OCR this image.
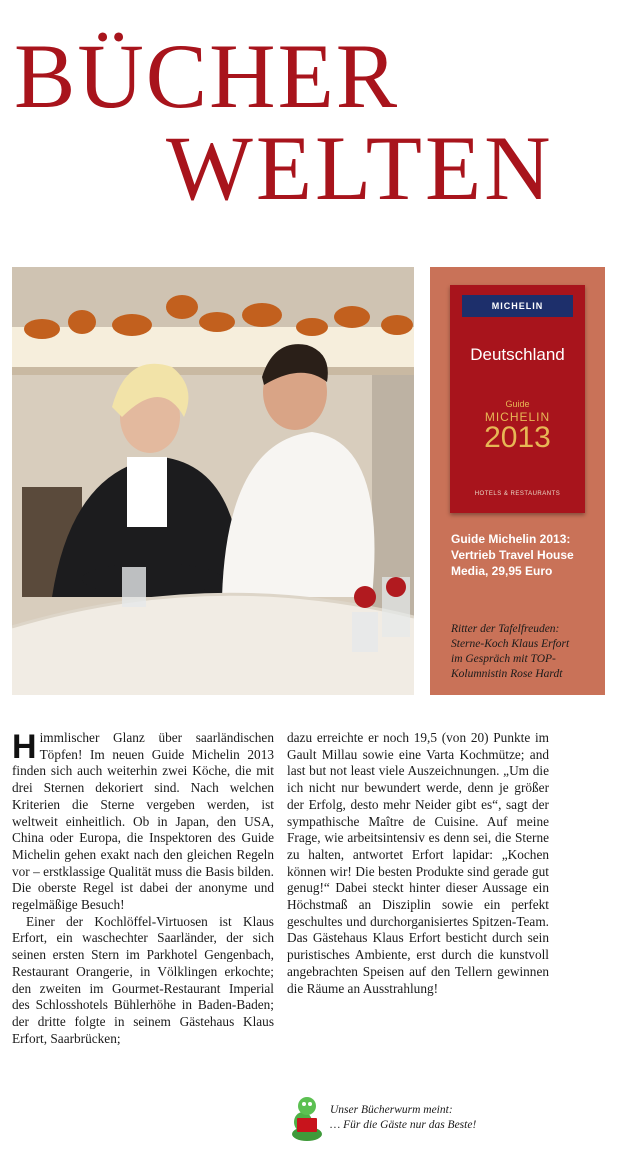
BÜCHER
WELTEN
MICHELIN
Deutschland
Guide
MICHELIN
2013
HOTELS & RESTAURANTS
Guide Michelin 2013:
Vertrieb Travel House
Media, 29,95 Euro
Ritter der Tafelfreuden:
Sterne-Koch Klaus Erfort
im Gespräch mit TOP-
Kolumnistin Rose Hardt

Himmlischer Glanz über saarländischen Töpfen! Im neuen Guide Michelin 2013 finden sich auch weiterhin zwei Köche, die mit drei Sternen dekoriert sind. Nach welchen Kriterien die Sterne vergeben werden, ist weltweit einheitlich. Ob in Japan, den USA, China oder Europa, die Inspektoren des Guide Michelin gehen exakt nach den gleichen Regeln vor – erstklassige Qualität muss die Basis bilden. Die oberste Regel ist dabei der anonyme und regelmäßige Besuch!

Einer der Kochlöffel-Virtuosen ist Klaus Erfort, ein waschechter Saarländer, der sich seinen ersten Stern im Parkhotel Gengenbach, Restaurant Orangerie, in Völklingen erkochte; den zweiten im Gourmet-Restaurant Imperial des Schlosshotels Bühlerhöhe in Baden-Baden; der dritte folgte in seinem Gästehaus Klaus Erfort, Saarbrücken;

dazu erreichte er noch 19,5 (von 20) Punkte im Gault Millau sowie eine Varta Kochmütze; and last but not least viele Auszeichnungen. „Um die ich nicht nur bewundert werde, denn je größer der Erfolg, desto mehr Neider gibt es“, sagt der sympathische Maître de Cuisine. Auf meine Frage, wie arbeitsintensiv es denn sei, die Sterne zu halten, antwortet Erfort lapidar: „Kochen können wir! Die besten Produkte sind gerade gut genug!“ Dabei steckt hinter dieser Aussage ein Höchstmaß an Disziplin sowie ein perfekt geschultes und durchorganisiertes Spitzen-Team. Das Gästehaus Klaus Erfort besticht durch sein puristisches Ambiente, erst durch die kunstvoll angebrachten Speisen auf den Tellern gewinnen die Räume an Ausstrahlung!

Unser Bücherwurm meint:
… Für die Gäste nur das Beste!
